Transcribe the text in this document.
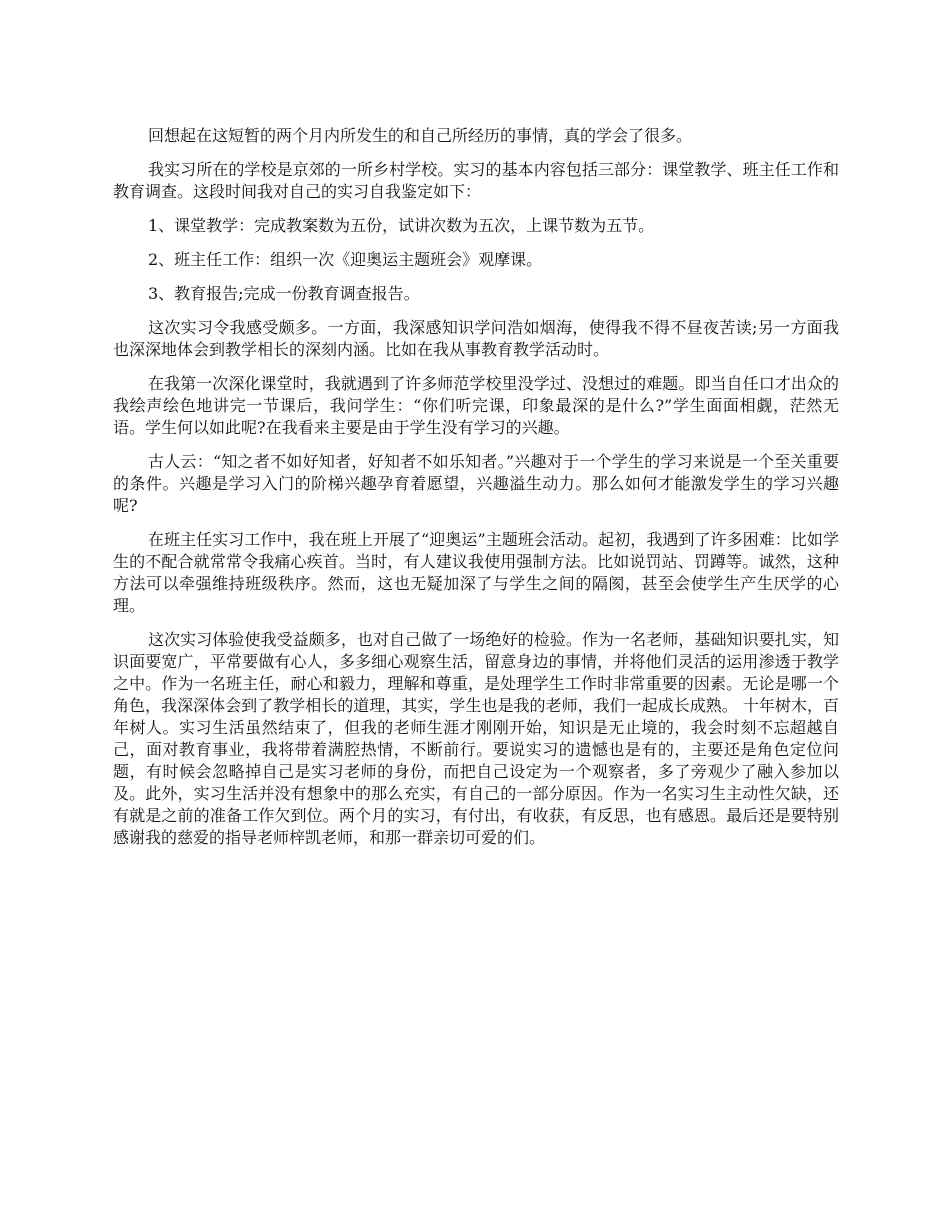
回想起在这短暂的两个月内所发生的和自己所经历的事情，真的学会了很多。

我实习所在的学校是京郊的一所乡村学校。实习的基本内容包括三部分：课堂教学、班主任工作和教育调查。这段时间我对自己的实习自我鉴定如下：

1、课堂教学：完成教案数为五份，试讲次数为五次，上课节数为五节。

2、班主任工作：组织一次《迎奥运主题班会》观摩课。

3、教育报告;完成一份教育调查报告。

这次实习令我感受颇多。一方面，我深感知识学问浩如烟海，使得我不得不昼夜苦读;另一方面我也深深地体会到教学相长的深刻内涵。比如在我从事教育教学活动时。

在我第一次深化课堂时，我就遇到了许多师范学校里没学过、没想过的难题。即当自任口才出众的我绘声绘色地讲完一节课后，我问学生：“你们听完课，印象最深的是什么?”学生面面相觑，茫然无语。学生何以如此呢?在我看来主要是由于学生没有学习的兴趣。

古人云：“知之者不如好知者，好知者不如乐知者。”兴趣对于一个学生的学习来说是一个至关重要的条件。兴趣是学习入门的阶梯兴趣孕育着愿望，兴趣溢生动力。那么如何才能激发学生的学习兴趣呢?

在班主任实习工作中，我在班上开展了“迎奥运”主题班会活动。起初，我遇到了许多困难：比如学生的不配合就常常令我痛心疾首。当时，有人建议我使用强制方法。比如说罚站、罚蹲等。诚然，这种方法可以牵强维持班级秩序。然而，这也无疑加深了与学生之间的隔阂，甚至会使学生产生厌学的心理。

这次实习体验使我受益颇多，也对自己做了一场绝好的检验。作为一名老师，基础知识要扎实，知识面要宽广，平常要做有心人，多多细心观察生活，留意身边的事情，并将他们灵活的运用渗透于教学之中。作为一名班主任，耐心和毅力，理解和尊重，是处理学生工作时非常重要的因素。无论是哪一个角色，我深深体会到了教学相长的道理，其实，学生也是我的老师，我们一起成长成熟。 十年树木，百年树人。实习生活虽然结束了，但我的老师生涯才刚刚开始，知识是无止境的，我会时刻不忘超越自己，面对教育事业，我将带着满腔热情，不断前行。要说实习的遗憾也是有的，主要还是角色定位问题，有时候会忽略掉自己是实习老师的身份，而把自己设定为一个观察者，多了旁观少了融入参加以及。此外，实习生活并没有想象中的那么充实，有自己的一部分原因。作为一名实习生主动性欠缺，还有就是之前的准备工作欠到位。两个月的实习，有付出，有收获，有反思，也有感恩。最后还是要特别感谢我的慈爱的指导老师梓凯老师，和那一群亲切可爱的们。
